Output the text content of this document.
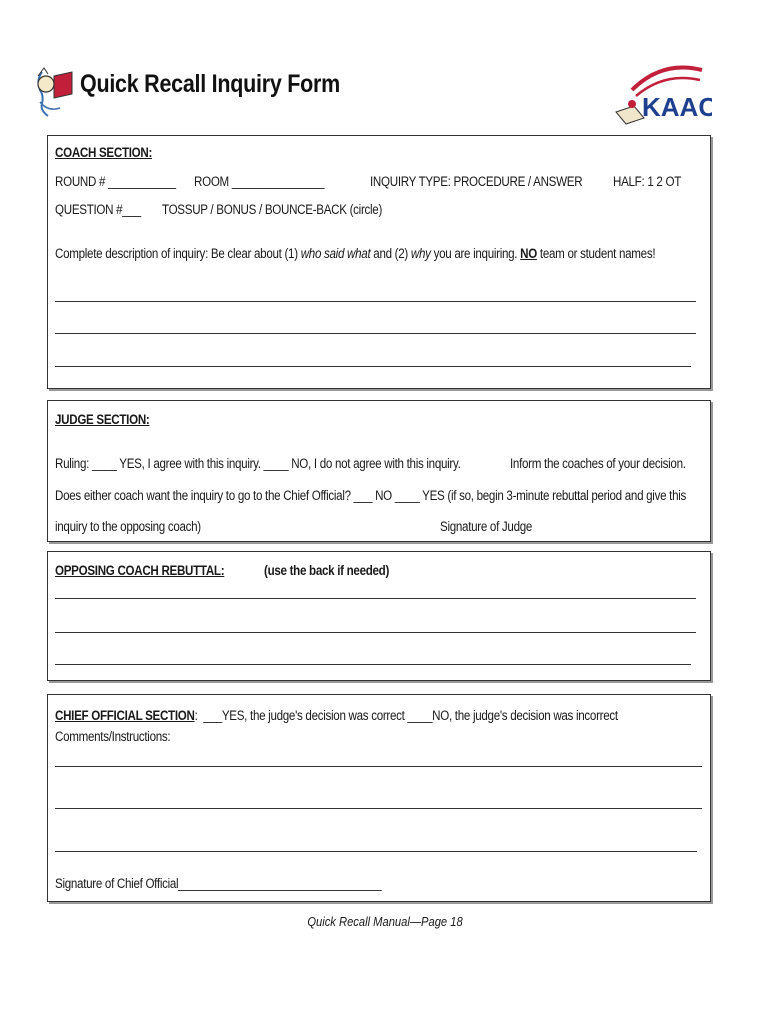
Quick Recall Inquiry Form
KAAC
COACH SECTION:
ROUND # ___________ ROOM _______________	INQUIRY TYPE: PROCEDURE / ANSWER HALF: 1 2 OT
QUESTION #___ TOSSUP / BONUS / BOUNCE-BACK (circle)
Complete description of inquiry: Be clear about (1) who said what and (2) why you are inquiring. NO team or student names!
JUDGE SECTION:
Ruling: ____ YES, I agree with this inquiry. ____ NO, I do not agree with this inquiry.	Inform the coaches of your decision.
Does either coach want the inquiry to go to the Chief Official? ___ NO ____ YES (if so, begin 3-minute rebuttal period and give this
inquiry to the opposing coach)	Signature of Judge
OPPOSING COACH REBUTTAL:	(use the back if needed)
CHIEF OFFICIAL SECTION: ___YES, the judge's decision was correct ____NO, the judge's decision was incorrect
Comments/Instructions:
Signature of Chief Official_________________________________
Quick Recall Manual—Page 18
